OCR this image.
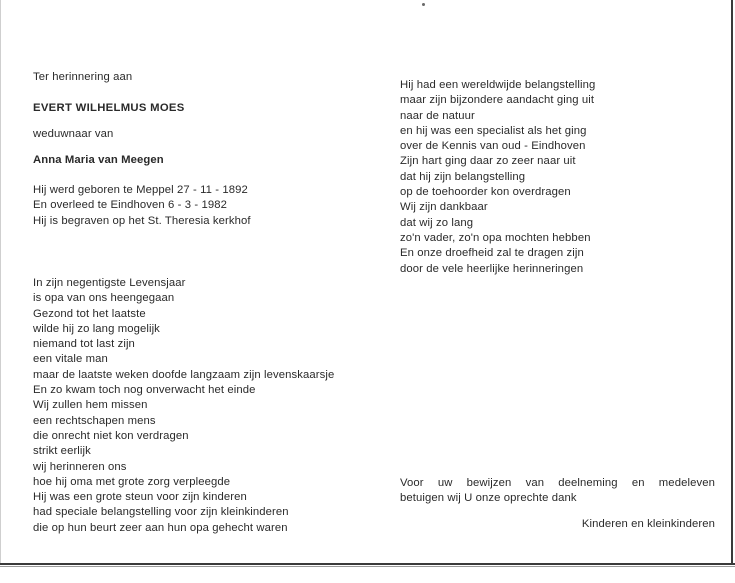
Ter herinnering aan
EVERT WILHELMUS MOES
weduwnaar van
Anna Maria van Meegen
Hij werd geboren te Meppel 27 - 11 - 1892
En overleed te Eindhoven 6 - 3 - 1982
Hij is begraven op het St. Theresia kerkhof
In zijn negentigste Levensjaar
is opa van ons heengegaan
Gezond tot het laatste
wilde hij zo lang mogelijk
niemand tot last zijn
een vitale man
maar de laatste weken doofde langzaam zijn levenskaarsje
En zo kwam toch nog onverwacht het einde
Wij zullen hem missen
een rechtschapen mens
die onrecht niet kon verdragen
strikt eerlijk
wij herinneren ons
hoe hij oma met grote zorg verpleegde
Hij was een grote steun voor zijn kinderen
had speciale belangstelling voor zijn kleinkinderen
die op hun beurt zeer aan hun opa gehecht waren
Hij had een wereldwijde belangstelling
maar zijn bijzondere aandacht ging uit
naar de natuur
en hij was een specialist als het ging
over de Kennis van oud - Eindhoven
Zijn hart ging daar zo zeer naar uit
dat hij zijn belangstelling
op de toehoorder kon overdragen
Wij zijn dankbaar
dat wij zo lang
zo'n vader, zo'n opa mochten hebben
En onze droefheid zal te dragen zijn
door de vele heerlijke herinneringen
Voor uw bewijzen van deelneming en medeleven
betuigen wij U onze oprechte dank
Kinderen en kleinkinderen
